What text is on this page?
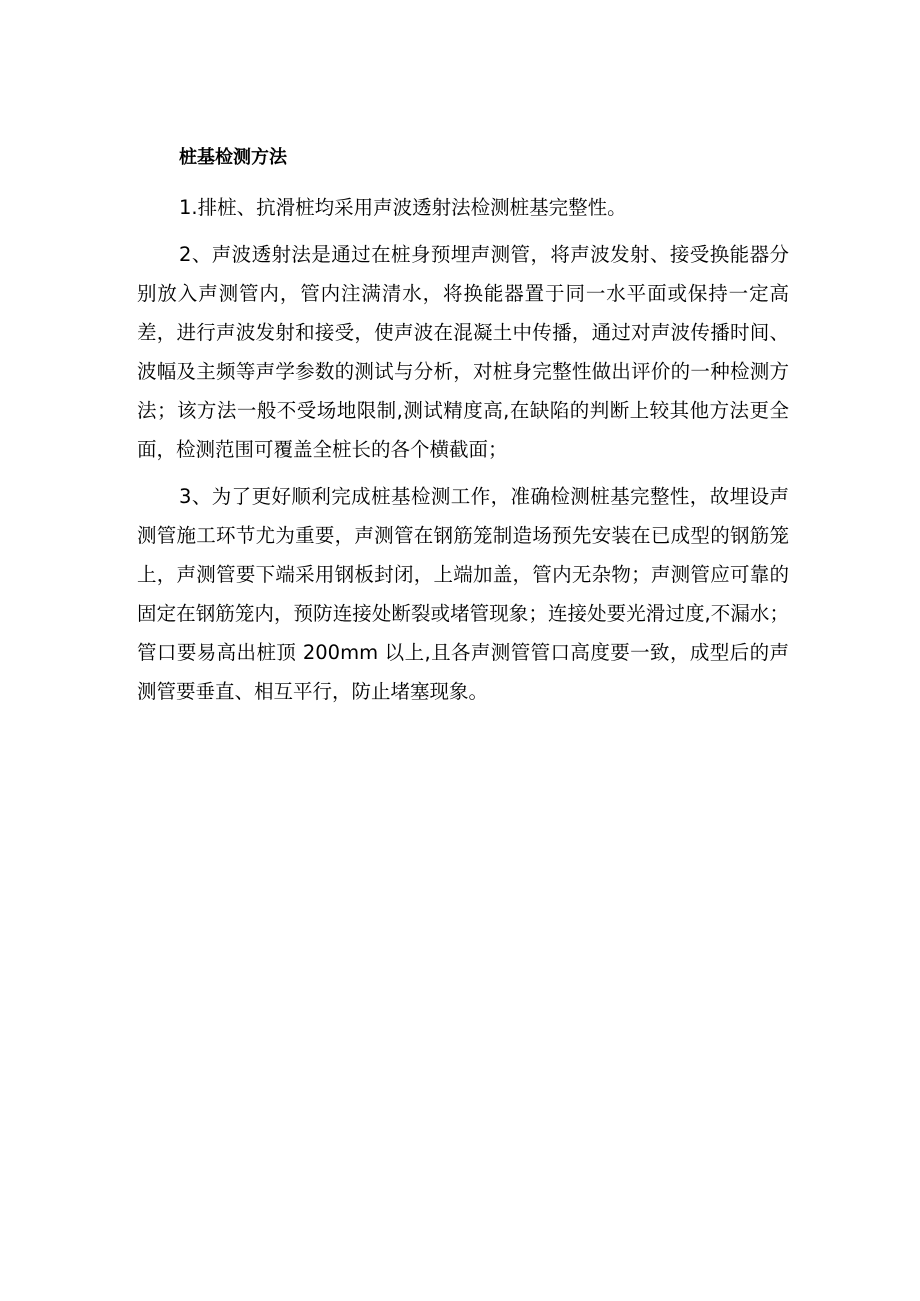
桩基检测方法

1.排桩、抗滑桩均采用声波透射法检测桩基完整性。

2、声波透射法是通过在桩身预埋声测管，将声波发射、接受换能器分别放入声测管内，管内注满清水，将换能器置于同一水平面或保持一定高差，进行声波发射和接受，使声波在混凝土中传播，通过对声波传播时间、波幅及主频等声学参数的测试与分析，对桩身完整性做出评价的一种检测方法；该方法一般不受场地限制,测试精度高,在缺陷的判断上较其他方法更全面，检测范围可覆盖全桩长的各个横截面；

3、为了更好顺利完成桩基检测工作，准确检测桩基完整性，故埋设声测管施工环节尤为重要，声测管在钢筋笼制造场预先安装在已成型的钢筋笼上，声测管要下端采用钢板封闭，上端加盖，管内无杂物；声测管应可靠的固定在钢筋笼内，预防连接处断裂或堵管现象；连接处要光滑过度,不漏水；管口要易高出桩顶 200mm 以上,且各声测管管口高度要一致，成型后的声测管要垂直、相互平行，防止堵塞现象。
